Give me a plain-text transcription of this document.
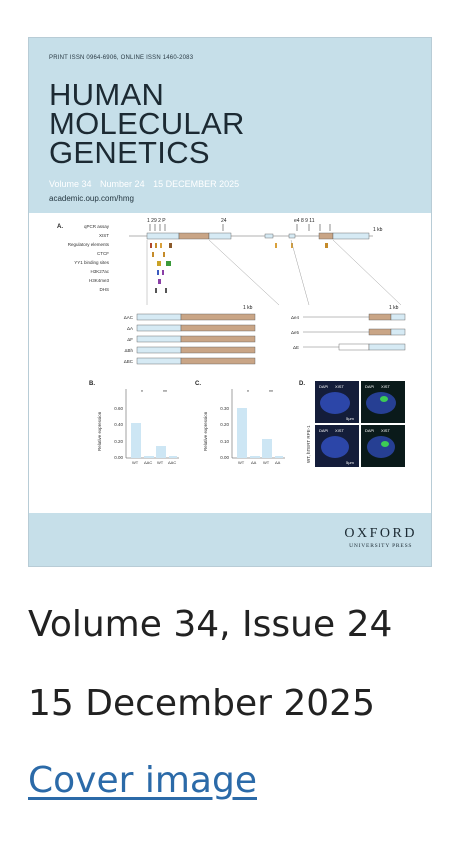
PRINT ISSN 0964-6906, ONLINE ISSN 1460-2083
HUMAN
MOLECULAR
GENETICS
Volume 34 Number 24 15 DECEMBER 2025
academic.oup.com/hmg
A.
1 29 2 P	24	e4 8 9 11
1 kb
qPCR assay
XIST
Regulatory elements
CTCF
YY1 binding sites
H3K27ac
H3K4me3
DHS
1 kb	1 kb
ΔAC
ΔA
ΔF
ΔBh
ΔBC
Δe4
Δe5
ΔE
B.
Relative expression
0.60
0.40
0.20
0.00
*	**
WT ΔAC WT ΔAC
C.
Relative expression
0.30
0.20
0.10
0.00
*	**
WT ΔA WT ΔA
D.
WT, hTERT RPE-1
DAPI XIST	DAPI XIST
DAPI XIST	DAPI XIST
5μm
5μm
OXFORD
UNIVERSITY PRESS
Volume 34, Issue 24
15 December 2025
Cover image
